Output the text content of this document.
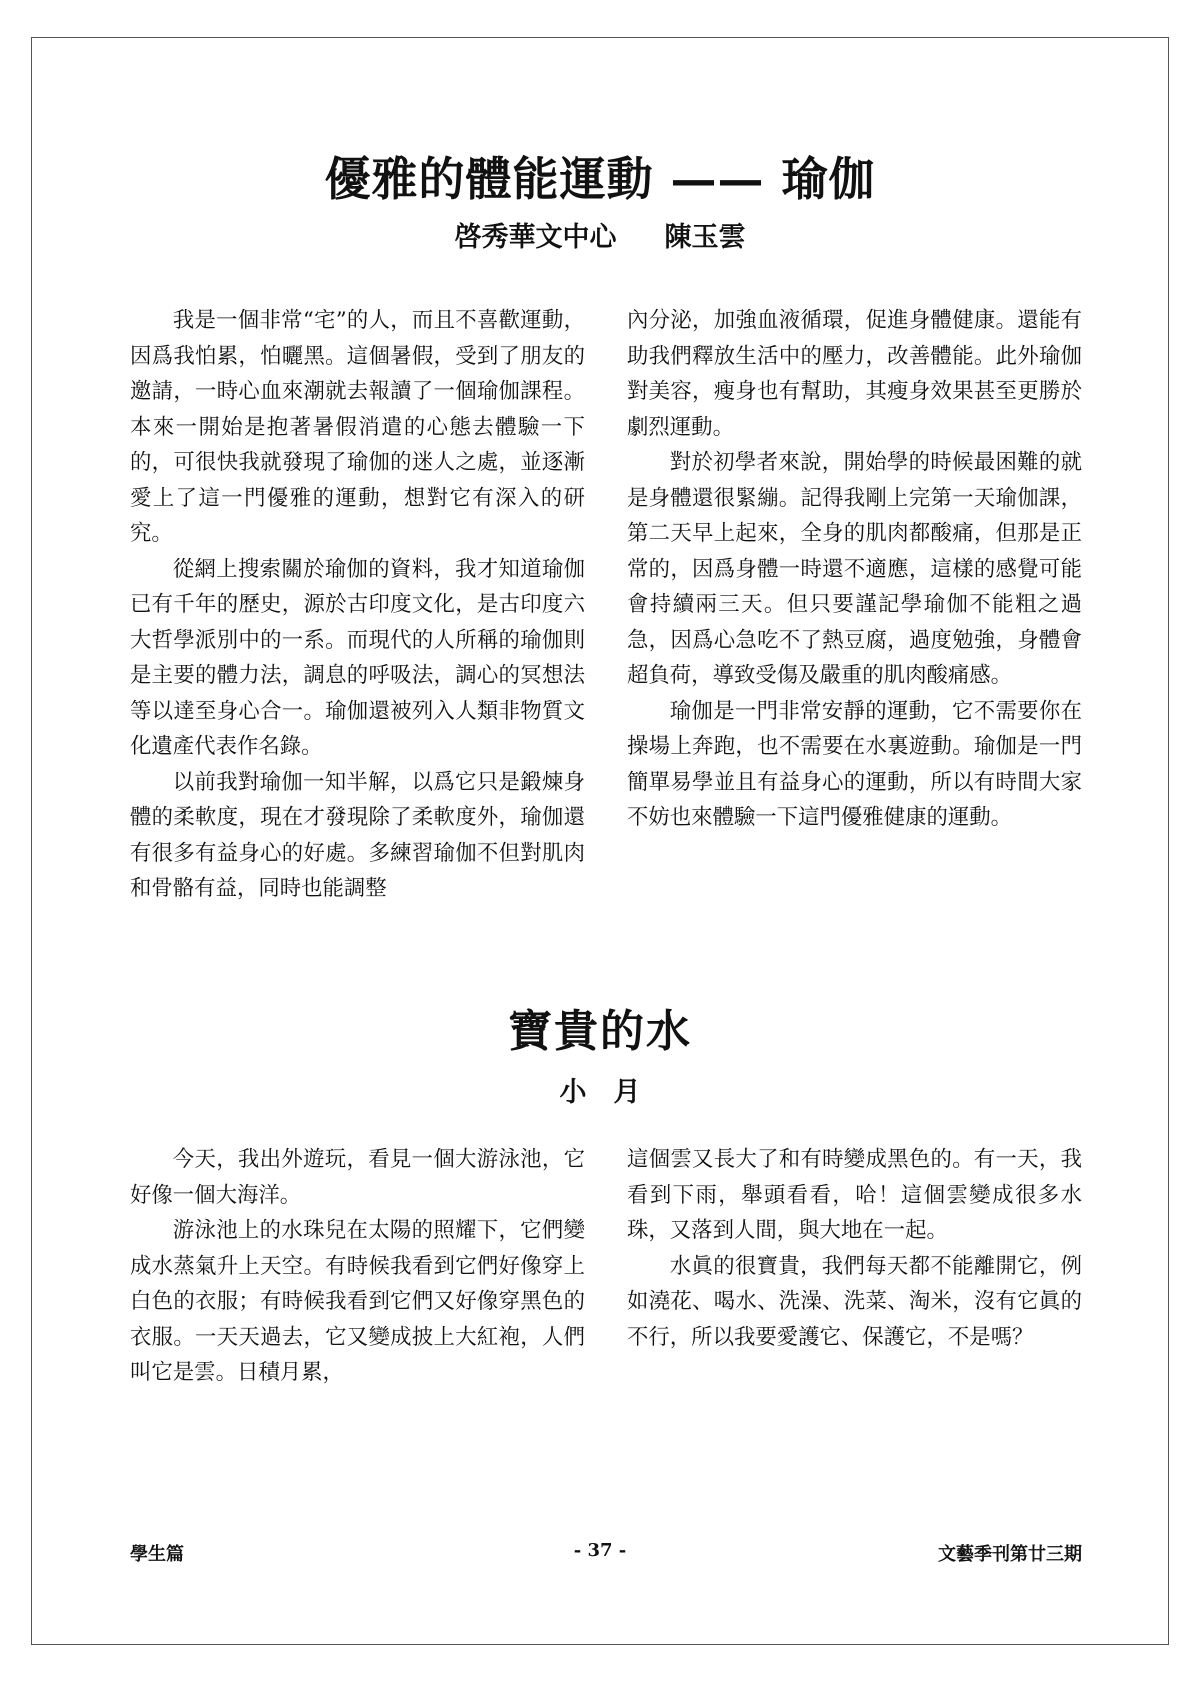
優雅的體能運動 —— 瑜伽
啓秀華文中心 陳玉雲

我是一個非常“宅”的人，而且不喜歡運動，因爲我怕累，怕曬黑。這個暑假，受到了朋友的邀請，一時心血來潮就去報讀了一個瑜伽課程。本來一開始是抱著暑假消遣的心態去體驗一下的，可很快我就發現了瑜伽的迷人之處，並逐漸愛上了這一門優雅的運動，想對它有深入的研究。

從網上搜索關於瑜伽的資料，我才知道瑜伽已有千年的歷史，源於古印度文化，是古印度六大哲學派別中的一系。而現代的人所稱的瑜伽則是主要的體力法，調息的呼吸法，調心的冥想法等以達至身心合一。瑜伽還被列入人類非物質文化遺產代表作名錄。

以前我對瑜伽一知半解，以爲它只是鍛煉身體的柔軟度，現在才發現除了柔軟度外，瑜伽還有很多有益身心的好處。多練習瑜伽不但對肌肉和骨骼有益，同時也能調整

內分泌，加強血液循環，促進身體健康。還能有助我們釋放生活中的壓力，改善體能。此外瑜伽對美容，瘦身也有幫助，其瘦身效果甚至更勝於劇烈運動。

對於初學者來說，開始學的時候最困難的就是身體還很緊繃。記得我剛上完第一天瑜伽課，第二天早上起來，全身的肌肉都酸痛，但那是正常的，因爲身體一時還不適應，這樣的感覺可能會持續兩三天。但只要謹記學瑜伽不能粗之過急，因爲心急吃不了熱豆腐，過度勉強，身體會超負荷，導致受傷及嚴重的肌肉酸痛感。

瑜伽是一門非常安靜的運動，它不需要你在操場上奔跑，也不需要在水裏遊動。瑜伽是一門簡單易學並且有益身心的運動，所以有時間大家不妨也來體驗一下這門優雅健康的運動。

寶貴的水
小　月

今天，我出外遊玩，看見一個大游泳池，它好像一個大海洋。

游泳池上的水珠兒在太陽的照耀下，它們變成水蒸氣升上天空。有時候我看到它們好像穿上白色的衣服；有時候我看到它們又好像穿黑色的衣服。一天天過去，它又變成披上大紅袍，人們叫它是雲。日積月累，

這個雲又長大了和有時變成黑色的。有一天，我看到下雨，舉頭看看，哈！這個雲變成很多水珠，又落到人間，與大地在一起。

水眞的很寶貴，我們每天都不能離開它，例如澆花、喝水、洗澡、洗菜、淘米，沒有它眞的不行，所以我要愛護它、保護它，不是嗎？

學生篇	- 37 -	文藝季刊第廿三期
